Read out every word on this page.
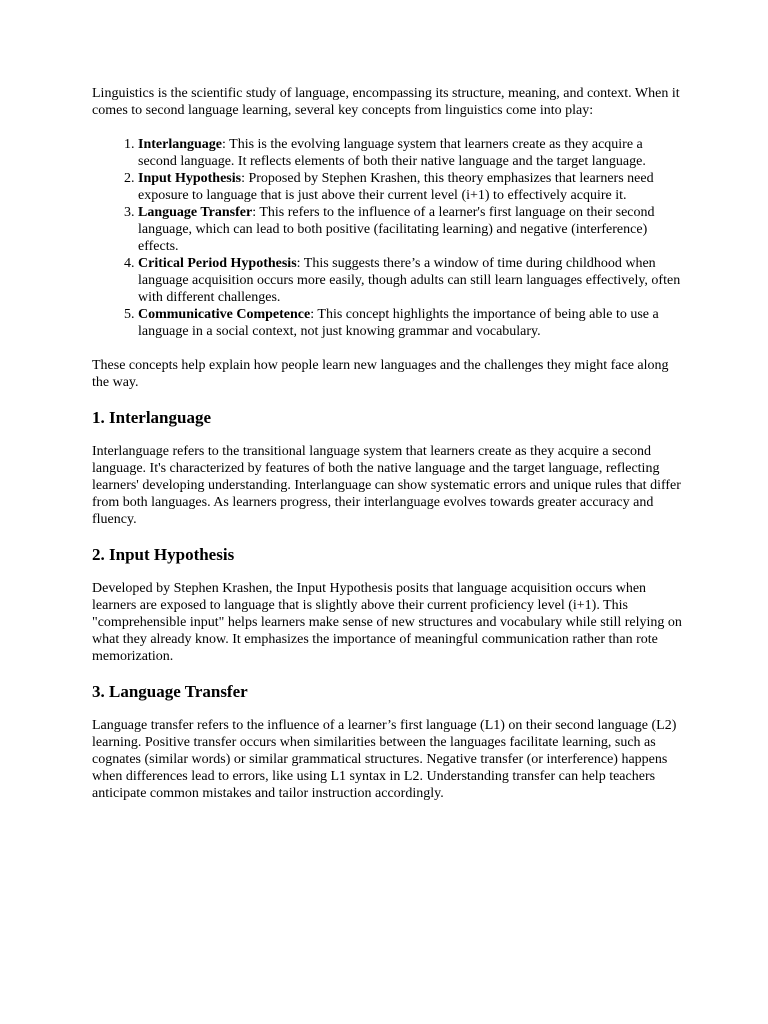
Linguistics is the scientific study of language, encompassing its structure, meaning, and context. When it comes to second language learning, several key concepts from linguistics come into play:

1. Interlanguage: This is the evolving language system that learners create as they acquire a second language. It reflects elements of both their native language and the target language.
2. Input Hypothesis: Proposed by Stephen Krashen, this theory emphasizes that learners need exposure to language that is just above their current level (i+1) to effectively acquire it.
3. Language Transfer: This refers to the influence of a learner's first language on their second language, which can lead to both positive (facilitating learning) and negative (interference) effects.
4. Critical Period Hypothesis: This suggests there’s a window of time during childhood when language acquisition occurs more easily, though adults can still learn languages effectively, often with different challenges.
5. Communicative Competence: This concept highlights the importance of being able to use a language in a social context, not just knowing grammar and vocabulary.

These concepts help explain how people learn new languages and the challenges they might face along the way.

1. Interlanguage

Interlanguage refers to the transitional language system that learners create as they acquire a second language. It's characterized by features of both the native language and the target language, reflecting learners' developing understanding. Interlanguage can show systematic errors and unique rules that differ from both languages. As learners progress, their interlanguage evolves towards greater accuracy and fluency.

2. Input Hypothesis

Developed by Stephen Krashen, the Input Hypothesis posits that language acquisition occurs when learners are exposed to language that is slightly above their current proficiency level (i+1). This "comprehensible input" helps learners make sense of new structures and vocabulary while still relying on what they already know. It emphasizes the importance of meaningful communication rather than rote memorization.

3. Language Transfer

Language transfer refers to the influence of a learner’s first language (L1) on their second language (L2) learning. Positive transfer occurs when similarities between the languages facilitate learning, such as cognates (similar words) or similar grammatical structures. Negative transfer (or interference) happens when differences lead to errors, like using L1 syntax in L2. Understanding transfer can help teachers anticipate common mistakes and tailor instruction accordingly.
